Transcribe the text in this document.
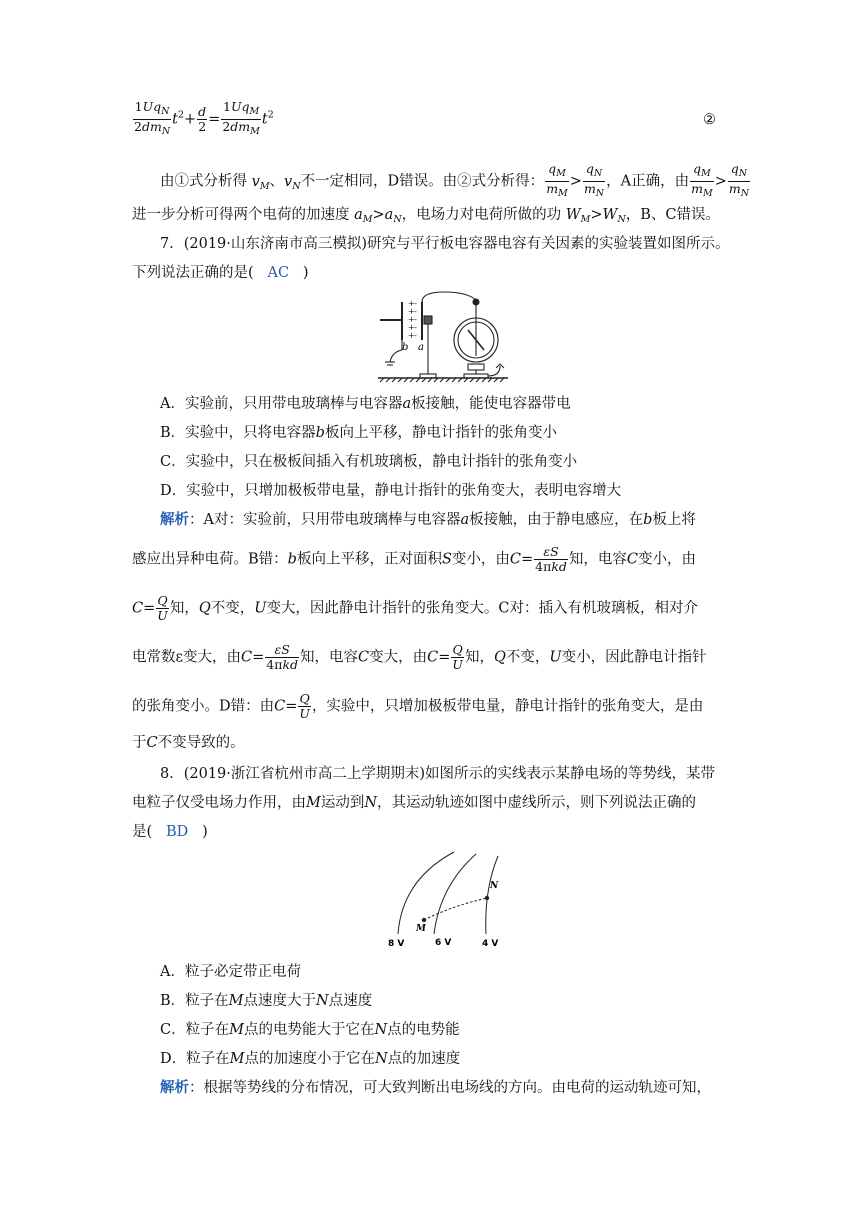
$\frac{1Uq_N}{2dm_N} t^2+ \frac{d}{2} = \frac{1Uq_M}{2dm_M} t^2$	②
由①式分析得 $v_M$、$v_N$不一定相同，D错误。由②式分析得： $\frac{q_M}{m_M} > \frac{q_N}{m_N}$ ，A正确，由 $\frac{q_M}{m_M} > \frac{q_N}{m_N}$
进一步分析可得两个电荷的加速度 $a_M>a_N$，电场力对电荷所做的功 $W_M>W_N$，B、C错误。
7．(2019·山东济南市高三模拟)研究与平行板电容器电容有关因素的实验装置如图所示。
下列说法正确的是( AC )
+
+
+
+
+
-
-
-
-
-
b a
A．实验前，只用带电玻璃棒与电容器a板接触，能使电容器带电
B．实验中，只将电容器b板向上平移，静电计指针的张角变小
C．实验中，只在极板间插入有机玻璃板，静电计指针的张角变小
D．实验中，只增加极板带电量，静电计指针的张角变大，表明电容增大
解析：A对：实验前，只用带电玻璃棒与电容器a板接触，由于静电感应，在b板上将
感应出异种电荷。B错：b板向上平移，正对面积S变小，由$C= \frac{\varepsilon S}{\text{4πkd}}$ 知，电容C变小，由
$C= \frac{Q}{U}$ 知，Q不变，U变大，因此静电计指针的张角变大。C对：插入有机玻璃板，相对介
电常数ε变大，由$C= \frac{\varepsilon S}{\text{4πkd}}$ 知，电容C变大，由$C= \frac{Q}{U}$ 知，Q不变，U变小，因此静电计指针
的张角变小。D错：由$C= \frac{Q}{U}$ ，实验中，只增加极板带电量，静电计指针的张角变大，是由
于C不变导致的。
8．(2019·浙江省杭州市高二上学期期末)如图所示的实线表示某静电场的等势线，某带
电粒子仅受电场力作用，由M运动到N，其运动轨迹如图中虚线所示，则下列说法正确的
是( BD )
8 V	6 V	4 V
M
N
A．粒子必定带正电荷
B．粒子在M点速度大于N点速度
C．粒子在M点的电势能大于它在N点的电势能
D．粒子在M点的加速度小于它在N点的加速度
解析：根据等势线的分布情况，可大致判断出电场线的方向。由电荷的运动轨迹可知，
